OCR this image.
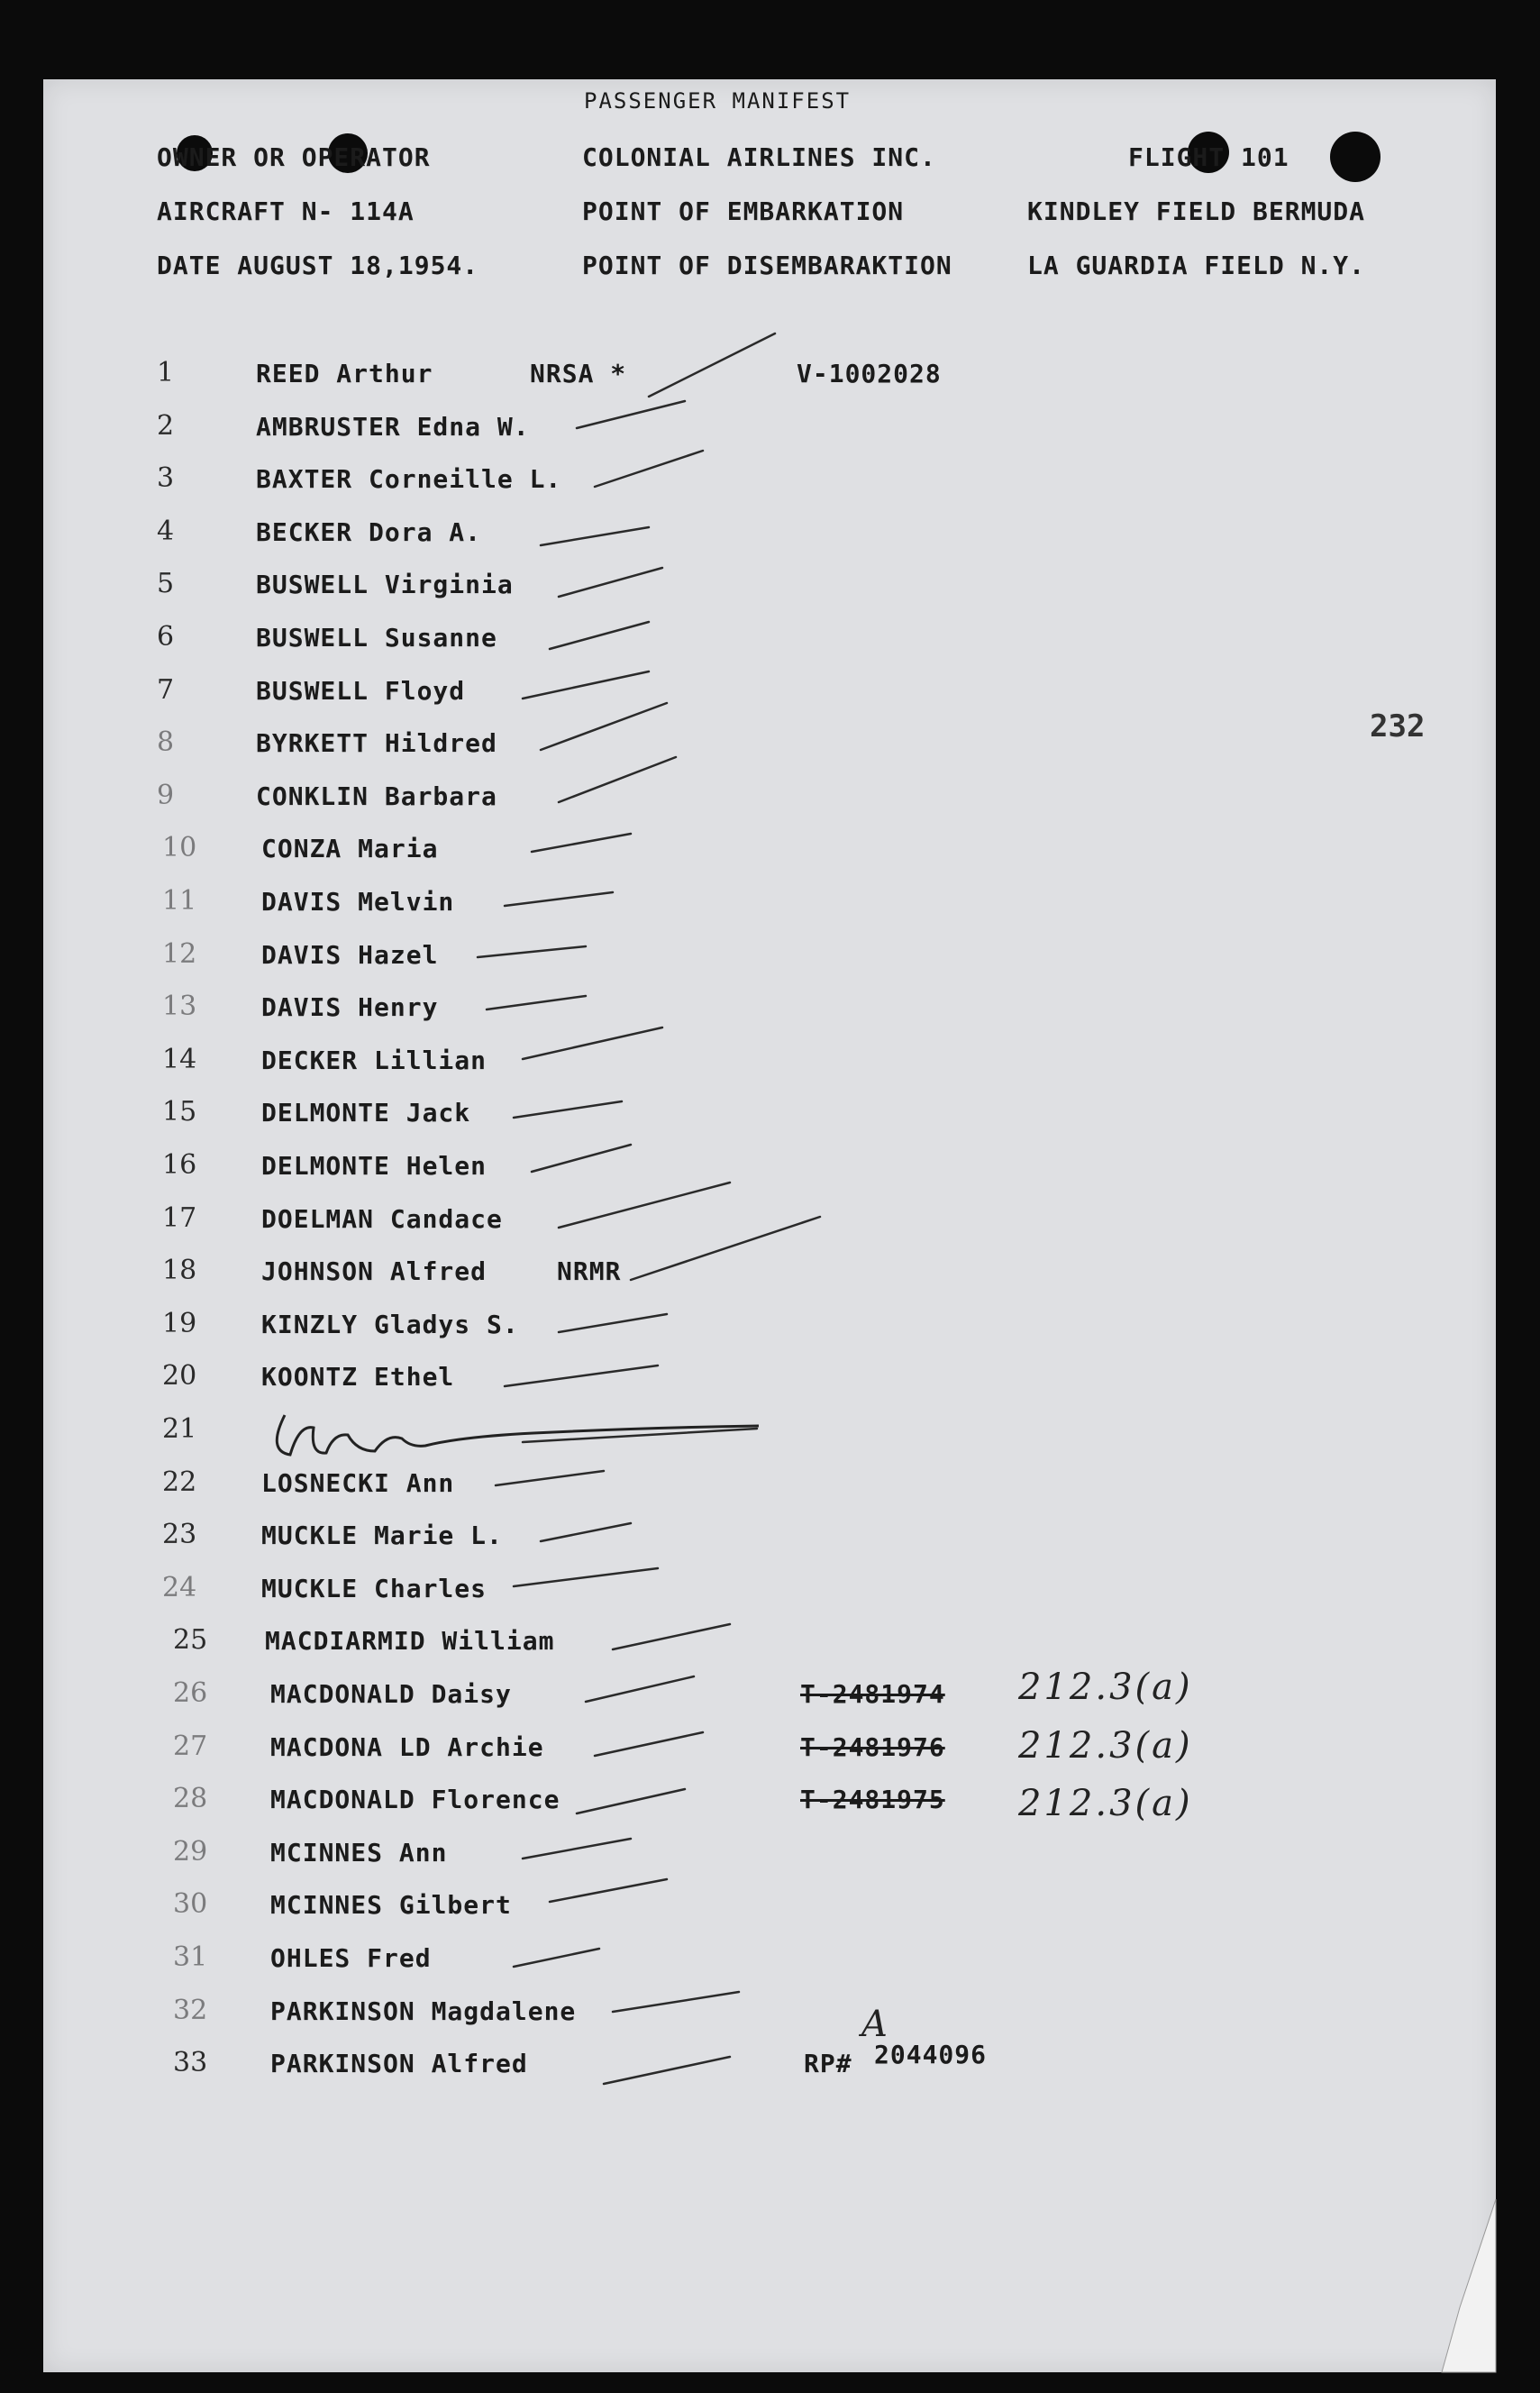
PASSENGER MANIFEST
OWNER OR OPERATOR	COLONIAL AIRLINES INC.	FLIGHT 101
AIRCRAFT N- 114A	POINT OF EMBARKATION	KINDLEY FIELD BERMUDA
DATE AUGUST 18,1954.	POINT OF DISEMBARAKTION	LA GUARDIA FIELD N.Y.
232
1	REED Arthur	NRSA *	V-1002028
2	AMBRUSTER Edna W.
3	BAXTER Corneille L.
4	BECKER Dora A.
5	BUSWELL Virginia
6	BUSWELL Susanne
7	BUSWELL Floyd
8	BYRKETT Hildred
9	CONKLIN Barbara
10	CONZA Maria
11	DAVIS Melvin
12	DAVIS Hazel
13	DAVIS Henry
14	DECKER Lillian
15	DELMONTE Jack
16	DELMONTE Helen
17	DOELMAN Candace
18	JOHNSON Alfred	NRMR
19	KINZLY Gladys S.
20	KOONTZ Ethel
21
22	LOSNECKI Ann
23	MUCKLE Marie L.
24	MUCKLE Charles
25 MACDIARMID William
26 MACDONALD Daisy	T-2481974 212.3(a)
27 MACDONA LD Archie	T-2481976 212.3(a)
28 MACDONALD Florence	T-2481975 212.3(a)
29 MCINNES Ann
30 MCINNES Gilbert
31 OHLES Fred
32 PARKINSON Magdalene
33 PARKINSON Alfred	RP# 2044096
A
